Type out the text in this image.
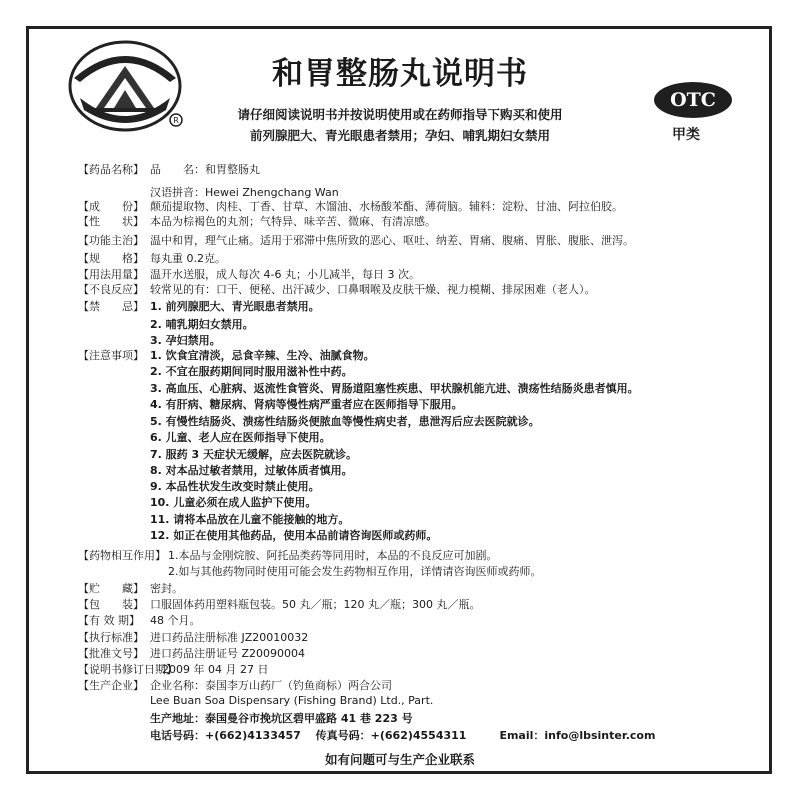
R
和胃整肠丸说明书
请仔细阅读说明书并按说明使用或在药师指导下购买和使用
前列腺肥大、青光眼患者禁用；孕妇、哺乳期妇女禁用
OTC
甲类
【药品名称】 品　　名：和胃整肠丸
汉语拼音：Hewei Zhengchang Wan
【成　　份】 颠茄提取物、肉桂、丁香、甘草、木馏油、水杨酸苯酯、薄荷脑。辅料：淀粉、甘油、阿拉伯胶。
【性　　状】 本品为棕褐色的丸剂；气特异、味辛苦、微麻、有清凉感。
【功能主治】 温中和胃，理气止痛。适用于邪滞中焦所致的恶心、呕吐、纳差、胃痛、腹痛、胃胀、腹胀、泄泻。
【规　　格】 每丸重 0.2克。
【用法用量】 温开水送服，成人每次 4-6 丸；小儿减半，每日 3 次。
【不良反应】 较常见的有：口干、便秘、出汗减少、口鼻咽喉及皮肤干燥、视力模糊、排尿困难（老人）。
【禁　　忌】 1. 前列腺肥大、青光眼患者禁用。
2. 哺乳期妇女禁用。
3. 孕妇禁用。
【注意事项】 1. 饮食宜清淡，忌食辛辣、生冷、油腻食物。
2. 不宜在服药期间同时服用滋补性中药。
3. 高血压、心脏病、返流性食管炎、胃肠道阻塞性疾患、甲状腺机能亢进、溃疡性结肠炎患者慎用。
4. 有肝病、糖尿病、肾病等慢性病严重者应在医师指导下服用。
5. 有慢性结肠炎、溃疡性结肠炎便脓血等慢性病史者，患泄泻后应去医院就诊。
6. 儿童、老人应在医师指导下使用。
7. 服药 3 天症状无缓解，应去医院就诊。
8. 对本品过敏者禁用，过敏体质者慎用。
9. 本品性状发生改变时禁止使用。
10. 儿童必须在成人监护下使用。
11. 请将本品放在儿童不能接触的地方。
12. 如正在使用其他药品，使用本品前请咨询医师或药师。
【药物相互作用】 1.本品与金刚烷胺、阿托品类药等同用时，本品的不良反应可加剧。
2.如与其他药物同时使用可能会发生药物相互作用，详情请咨询医师或药师。
【贮　　藏】 密封。
【包　　装】 口服固体药用塑料瓶包装。50 丸／瓶；120 丸／瓶；300 丸／瓶。
【有 效 期】 48 个月。
【执行标准】 进口药品注册标准 JZ20010032
【批准文号】 进口药品注册证号 Z20090004
【说明书修订日期】
2009 年 04 月 27 日
【生产企业】 企业名称：泰国李万山药厂（钓鱼商标）两合公司
Lee Buan Soa Dispensary (Fishing Brand) Ltd., Part.
生产地址：泰国曼谷市挽坑区碧甲盛路 41 巷 223 号
电话号码：+(662)4133457　 传真号码：+(662)4554311　　　Email：info@lbsinter.com
如有问题可与生产企业联系
